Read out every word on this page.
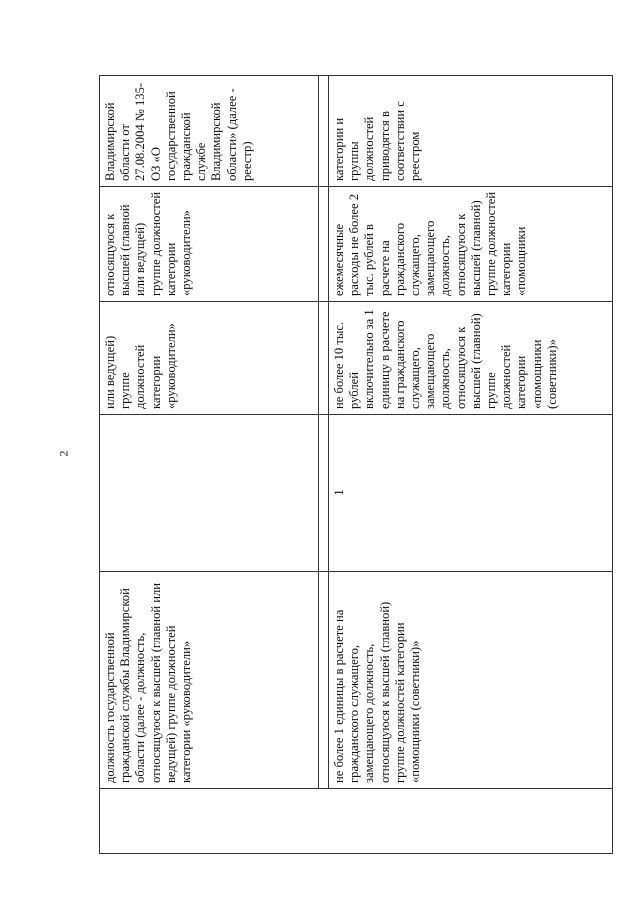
2
	должность государственной гражданской службы Владимирской области (далее - должность, относящуюся к высшей (главной или ведущей) группе должностей категории «руководители»		или ведущей) группе должностей категории «руководители»	относящуюся к высшей (главной или ведущей) группе должностей категории «руководители»	Владимирской области от 27.08.2004 № 135-ОЗ «О государственной гражданской службе Владимирской области» (далее - реестр)

	не более 1 единицы в расчете на гражданского служащего, замещающего должность, относящуюся к высшей (главной) группе должностей категории «помощники (советники)»	1	не более 10 тыс. рублей включительно за 1 единицу в расчете на гражданского служащего, замещающего должность, относящуюся к высшей (главной) группе должностей категории «помощники (советники)»	ежемесячные расходы не более 2 тыс. рублей в расчете на гражданского служащего, замещающего должность, относящуюся к высшей (главной) группе должностей категории «помощники	категории и группы должностей приводятся в соответствии с реестром
